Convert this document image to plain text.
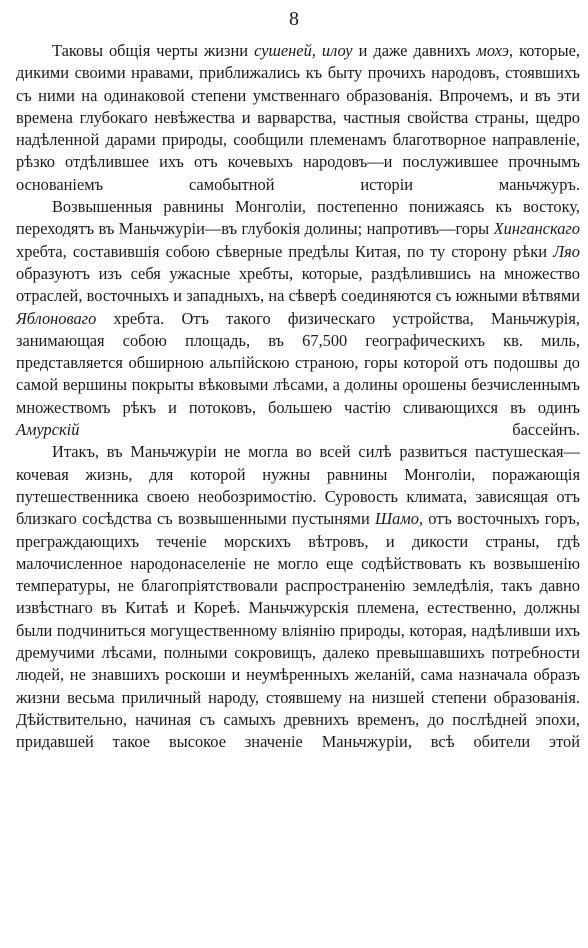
8

Таковы общiя черты жизни сушеней, илоу и даже давнихъ мохэ, которые, дикими своими нравами, приближались къ быту прочихъ народовъ, стоявшихъ съ ними на одинаковой степени умственнаго образованiя. Впрочемъ, и въ эти времена глубокаго невѣжества и варварства, частныя свойства страны, щедро надѣленной дарами природы, сообщили племенамъ благотворное направленiе, рѣзко отдѣлившее ихъ отъ кочевыхъ народовъ—и послужившее прочнымъ основанiемъ самобытной исторiи маньчжуръ.

Возвышенныя равнины Монголiи, постепенно понижаясь къ востоку, переходятъ въ Маньчжурiи—въ глубокiя долины; напротивъ—горы Хинганскаго хребта, составившiя собою сѣверные предѣлы Китая, по ту сторону рѣки Ляо образуютъ изъ себя ужасные хребты, которые, раздѣлившись на множество отраслей, восточныхъ и западныхъ, на сѣверѣ соединяются съ южными вѣтвями Яблоноваго хребта. Отъ такого физическаго устройства, Маньчжурiя, занимающая собою площадь, въ 67,500 географическихъ кв. миль, представляется обширною альпiйскою страною, горы которой отъ подошвы до самой вершины покрыты вѣковыми лѣсами, а долины орошены безчисленнымъ множествомъ рѣкъ и потоковъ, большею частiю сливающихся въ одинъ Амурскiй бассейнъ.

Итакъ, въ Маньчжурiи не могла во всей силѣ развиться пастушеская—кочевая жизнь, для которой нужны равнины Монголiи, поражающiя путешественника своею необозримостiю. Суровость климата, зависящая отъ близкаго сосѣдства съ возвышенными пустынями Шамо, отъ восточныхъ горъ, преграждающихъ теченiе морскихъ вѣтровъ, и дикости страны, гдѣ малочисленное народонаселенiе не могло еще содѣйствовать къ возвышенiю температуры, не благопрiятствовали распространенiю земледѣлiя, такъ давно извѣстнаго въ Китаѣ и Кореѣ. Маньчжурскiя племена, естественно, должны были подчиниться могущественному влiянiю природы, которая, надѣливши ихъ дремучими лѣсами, полными сокровищъ, далеко превышавшихъ потребности людей, не знавшихъ роскоши и неумѣренныхъ желанiй, сама назначала образъ жизни весьма приличный народу, стоявшему на низшей степени образованiя. Дѣйствительно, начиная съ самыхъ древнихъ временъ, до послѣдней эпохи, придавшей такое высокое значенiе Маньчжурiи, всѣ обители этой
